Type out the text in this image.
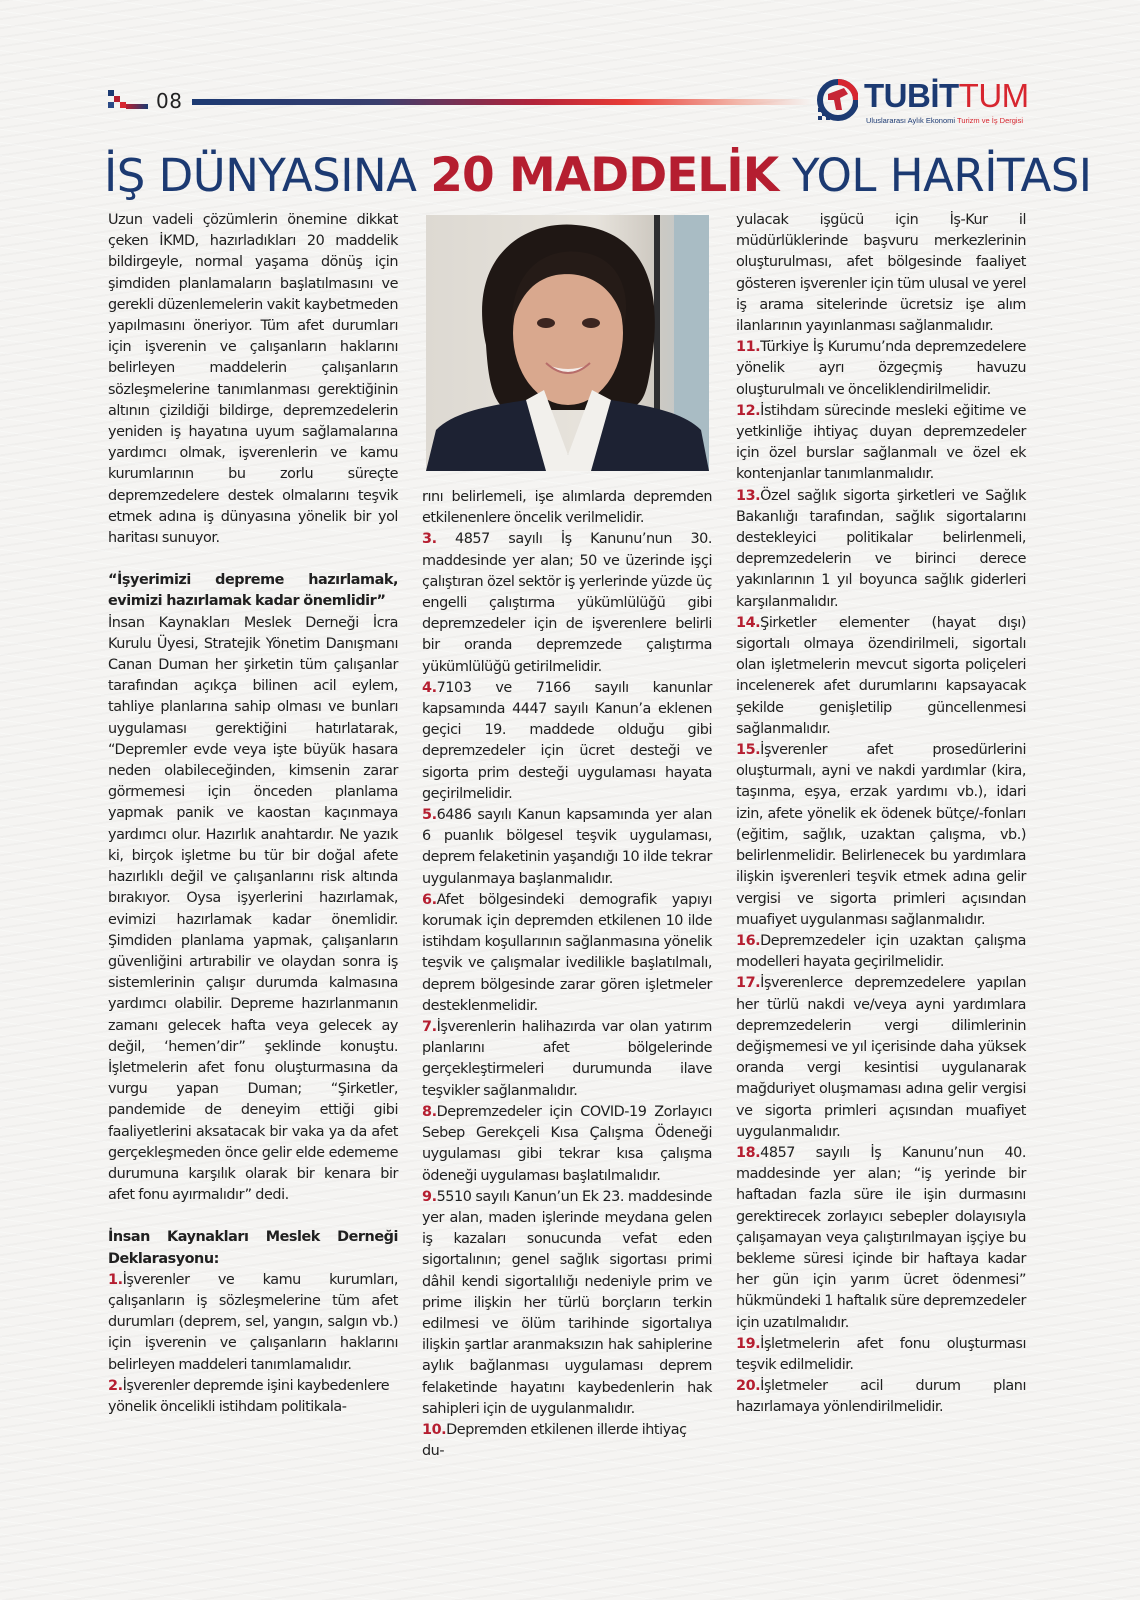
08	TUBİTTUM
Uluslararası Aylık Ekonomi Turizm ve İş Dergisi
İŞ DÜNYASINA 20 MADDELİK YOL HARİTASI

Uzun vadeli çözümlerin önemine dikkat çeken İKMD, hazırladıkları 20 maddelik bildirgeyle, normal yaşama dönüş için şimdiden planlamaların başlatılmasını ve gerekli düzenlemelerin vakit kaybetmeden yapılmasını öneriyor. Tüm afet durumları için işverenin ve çalışanların haklarını belirleyen maddelerin çalışanların sözleşmelerine tanımlanması gerektiğinin altının çizildiği bildirge, depremzedelerin yeniden iş hayatına uyum sağlamalarına yardımcı olmak, işverenlerin ve kamu kurumlarının bu zorlu süreçte depremzedelere destek olmalarını teşvik etmek adına iş dünyasına yönelik bir yol haritası sunuyor.

“İşyerimizi depreme hazırlamak, evimizi hazırlamak kadar önemlidir”

İnsan Kaynakları Meslek Derneği İcra Kurulu Üyesi, Stratejik Yönetim Danışmanı Canan Duman her şirketin tüm çalışanlar tarafından açıkça bilinen acil eylem, tahliye planlarına sahip olması ve bunları uygulaması gerektiğini hatırlatarak, “Depremler evde veya işte büyük hasara neden olabileceğinden, kimsenin zarar görmemesi için önceden planlama yapmak panik ve kaostan kaçınmaya yardımcı olur. Hazırlık anahtardır. Ne yazık ki, birçok işletme bu tür bir doğal afete hazırlıklı değil ve çalışanlarını risk altında bırakıyor. Oysa işyerlerini hazırlamak, evimizi hazırlamak kadar önemlidir. Şimdiden planlama yapmak, çalışanların güvenliğini artırabilir ve olaydan sonra iş sistemlerinin çalışır durumda kalmasına yardımcı olabilir. Depreme hazırlanmanın zamanı gelecek hafta veya gelecek ay değil, ‘hemen’dir” şeklinde konuştu. İşletmelerin afet fonu oluşturmasına da vurgu yapan Duman; “Şirketler, pandemide de deneyim ettiği gibi faaliyetlerini aksatacak bir vaka ya da afet gerçekleşmeden önce gelir elde edememe durumuna karşılık olarak bir kenara bir afet fonu ayırmalıdır” dedi.

İnsan Kaynakları Meslek Derneği Deklarasyonu:

1.İşverenler ve kamu kurumları, çalışanların iş sözleşmelerine tüm afet durumları (deprem, sel, yangın, salgın vb.) için işverenin ve çalışanların haklarını belirleyen maddeleri tanımlamalıdır.

2.İşverenler depremde işini kaybedenlere yönelik öncelikli istihdam politikala-

rını belirlemeli, işe alımlarda depremden etkilenenlere öncelik verilmelidir.

3. 4857 sayılı İş Kanunu’nun 30. maddesinde yer alan; 50 ve üzerinde işçi çalıştıran özel sektör iş yerlerinde yüzde üç engelli çalıştırma yükümlülüğü gibi depremzedeler için de işverenlere belirli bir oranda depremzede çalıştırma yükümlülüğü getirilmelidir.

4.7103 ve 7166 sayılı kanunlar kapsamında 4447 sayılı Kanun’a eklenen geçici 19. maddede olduğu gibi depremzedeler için ücret desteği ve sigorta prim desteği uygulaması hayata geçirilmelidir.

5.6486 sayılı Kanun kapsamında yer alan 6 puanlık bölgesel teşvik uygulaması, deprem felaketinin yaşandığı 10 ilde tekrar uygulanmaya başlanmalıdır.

6.Afet bölgesindeki demografik yapıyı korumak için depremden etkilenen 10 ilde istihdam koşullarının sağlanmasına yönelik teşvik ve çalışmalar ivedilikle başlatılmalı, deprem bölgesinde zarar gören işletmeler desteklenmelidir.

7.İşverenlerin halihazırda var olan yatırım planlarını afet bölgelerinde gerçekleştirmeleri durumunda ilave teşvikler sağlanmalıdır.

8.Depremzedeler için COVID-19 Zorlayıcı Sebep Gerekçeli Kısa Çalışma Ödeneği uygulaması gibi tekrar kısa çalışma ödeneği uygulaması başlatılmalıdır.

9.5510 sayılı Kanun’un Ek 23. maddesinde yer alan, maden işlerinde meydana gelen iş kazaları sonucunda vefat eden sigortalının; genel sağlık sigortası primi dâhil kendi sigortalılığı nedeniyle prim ve prime ilişkin her türlü borçların terkin edilmesi ve ölüm tarihinde sigortalıya ilişkin şartlar aranmaksızın hak sahiplerine aylık bağlanması uygulaması deprem felaketinde hayatını kaybedenlerin hak sahipleri için de uygulanmalıdır.

10.Depremden etkilenen illerde ihtiyaç du-

yulacak işgücü için İş-Kur il müdürlüklerinde başvuru merkezlerinin oluşturulması, afet bölgesinde faaliyet gösteren işverenler için tüm ulusal ve yerel iş arama sitelerinde ücretsiz işe alım ilanlarının yayınlanması sağlanmalıdır.

11.Türkiye İş Kurumu’nda depremzedelere yönelik ayrı özgeçmiş havuzu oluşturulmalı ve önceliklendirilmelidir.

12.İstihdam sürecinde mesleki eğitime ve yetkinliğe ihtiyaç duyan depremzedeler için özel burslar sağlanmalı ve özel ek kontenjanlar tanımlanmalıdır.

13.Özel sağlık sigorta şirketleri ve Sağlık Bakanlığı tarafından, sağlık sigortalarını destekleyici politikalar belirlenmeli, depremzedelerin ve birinci derece yakınlarının 1 yıl boyunca sağlık giderleri karşılanmalıdır.

14.Şirketler elementer (hayat dışı) sigortalı olmaya özendirilmeli, sigortalı olan işletmelerin mevcut sigorta poliçeleri incelenerek afet durumlarını kapsayacak şekilde genişletilip güncellenmesi sağlanmalıdır.

15.İşverenler afet prosedürlerini oluşturmalı, ayni ve nakdi yardımlar (kira, taşınma, eşya, erzak yardımı vb.), idari izin, afete yönelik ek ödenek bütçe/-fonları (eğitim, sağlık, uzaktan çalışma, vb.) belirlenmelidir. Belirlenecek bu yardımlara ilişkin işverenleri teşvik etmek adına gelir vergisi ve sigorta primleri açısından muafiyet uygulanması sağlanmalıdır.

16.Depremzedeler için uzaktan çalışma modelleri hayata geçirilmelidir.

17.İşverenlerce depremzedelere yapılan her türlü nakdi ve/veya ayni yardımlara depremzedelerin vergi dilimlerinin değişmemesi ve yıl içerisinde daha yüksek oranda vergi kesintisi uygulanarak mağduriyet oluşmaması adına gelir vergisi ve sigorta primleri açısından muafiyet uygulanmalıdır.

18.4857 sayılı İş Kanunu’nun 40. maddesinde yer alan; “iş yerinde bir haftadan fazla süre ile işin durmasını gerektirecek zorlayıcı sebepler dolayısıyla çalışamayan veya çalıştırılmayan işçiye bu bekleme süresi içinde bir haftaya kadar her gün için yarım ücret ödenmesi” hükmündeki 1 haftalık süre depremzedeler için uzatılmalıdır.

19.İşletmelerin afet fonu oluşturması teşvik edilmelidir.

20.İşletmeler acil durum planı hazırlamaya yönlendirilmelidir.
